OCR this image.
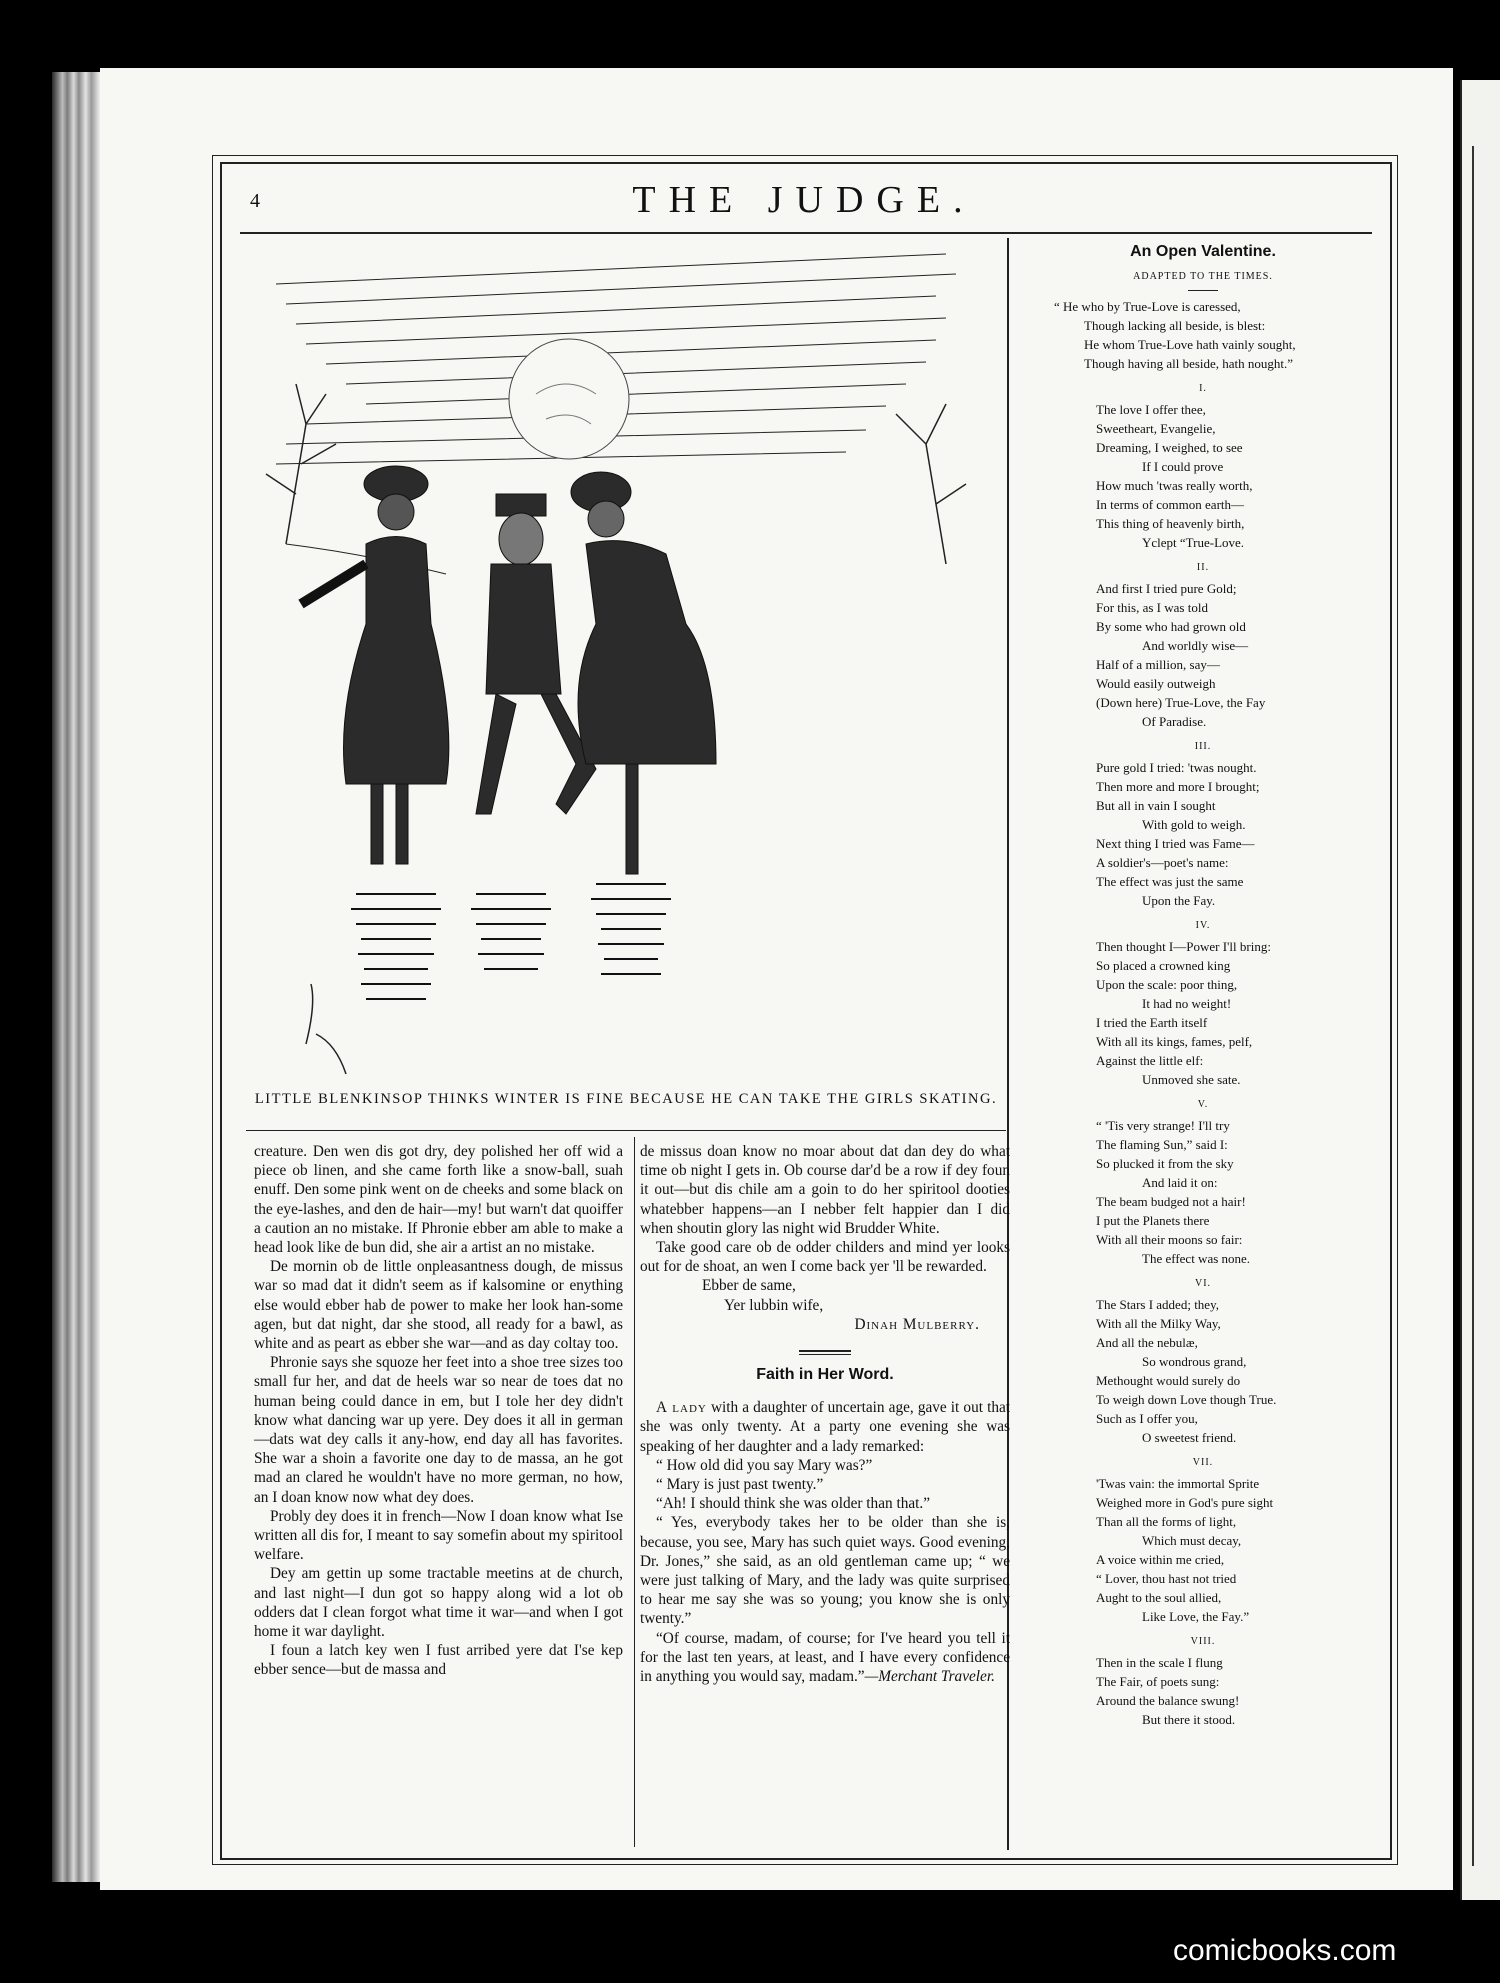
4	THE JUDGE.
LITTLE BLENKINSOP THINKS WINTER IS FINE BECAUSE HE CAN TAKE THE GIRLS SKATING.

creature. Den wen dis got dry, dey polished her off wid a piece ob linen, and she came forth like a snow-ball, suah enuff. Den some pink went on de cheeks and some black on the eye-lashes, and den de hair—my! but warn't dat quoiffer a caution an no mistake. If Phronie ebber am able to make a head look like de bun did, she air a artist an no mistake.

De mornin ob de little onpleasantness dough, de missus war so mad dat it didn't seem as if kalsomine or enything else would ebber hab de power to make her look han-some agen, but dat night, dar she stood, all ready for a bawl, as white and as peart as ebber she war—and as day coltay too.

Phronie says she squoze her feet into a shoe tree sizes too small fur her, and dat de heels war so near de toes dat no human being could dance in em, but I tole her dey didn't know what dancing war up yere. Dey does it all in german—dats wat dey calls it any-how, end day all has favorites. She war a shoin a favorite one day to de massa, an he got mad an clared he wouldn't have no more german, no how, an I doan know now what dey does.

Probly dey does it in french—Now I doan know what Ise written all dis for, I meant to say somefin about my spiritool welfare.

Dey am gettin up some tractable meetins at de church, and last night—I dun got so happy along wid a lot ob odders dat I clean forgot what time it war—and when I got home it war daylight.

I foun a latch key wen I fust arribed yere dat I'se kep ebber sence—but de massa and

de missus doan know no moar about dat dan dey do what time ob night I gets in. Ob course dar'd be a row if dey foun it out—but dis chile am a goin to do her spiritool dooties whatebber happens—an I nebber felt happier dan I did when shoutin glory las night wid Brudder White.

Take good care ob de odder childers and mind yer looks out for de shoat, an wen I come back yer 'll be rewarded.

Ebber de same,
Yer lubbin wife,
Dinah Mulberry.
Faith in Her Word.

A lady with a daughter of uncertain age, gave it out that she was only twenty. At a party one evening she was speaking of her daughter and a lady remarked:

“ How old did you say Mary was?”

“ Mary is just past twenty.”

“Ah! I should think she was older than that.”

“ Yes, everybody takes her to be older than she is, because, you see, Mary has such quiet ways. Good evening, Dr. Jones,” she said, as an old gentleman came up; “ we were just talking of Mary, and the lady was quite surprised to hear me say she was so young; you know she is only twenty.”

“Of course, madam, of course; for I've heard you tell it for the last ten years, at least, and I have every confidence in anything you would say, madam.”—Merchant Traveler.

An Open Valentine.
ADAPTED TO THE TIMES.
“ He who by True-Love is caressed,
Though lacking all beside, is blest:
He whom True-Love hath vainly sought,
Though having all beside, hath nought.”
I.
The love I offer thee,
Sweetheart, Evangelie,
Dreaming, I weighed, to see
If I could prove
How much 'twas really worth,
In terms of common earth—
This thing of heavenly birth,
Yclept “True-Love.
II.
And first I tried pure Gold;
For this, as I was told
By some who had grown old
And worldly wise—
Half of a million, say—
Would easily outweigh
(Down here) True-Love, the Fay
Of Paradise.
III.
Pure gold I tried: 'twas nought.
Then more and more I brought;
But all in vain I sought
With gold to weigh.
Next thing I tried was Fame—
A soldier's—poet's name:
The effect was just the same
Upon the Fay.
IV.
Then thought I—Power I'll bring:
So placed a crowned king
Upon the scale: poor thing,
It had no weight!
I tried the Earth itself
With all its kings, fames, pelf,
Against the little elf:
Unmoved she sate.
V.
“ 'Tis very strange! I'll try
The flaming Sun,” said I:
So plucked it from the sky
And laid it on:
The beam budged not a hair!
I put the Planets there
With all their moons so fair:
The effect was none.
VI.
The Stars I added; they,
With all the Milky Way,
And all the nebulæ,
So wondrous grand,
Methought would surely do
To weigh down Love though True.
Such as I offer you,
O sweetest friend.
VII.
'Twas vain: the immortal Sprite
Weighed more in God's pure sight
Than all the forms of light,
Which must decay,
A voice within me cried,
“ Lover, thou hast not tried
Aught to the soul allied,
Like Love, the Fay.”
VIII.
Then in the scale I flung
The Fair, of poets sung:
Around the balance swung!
But there it stood.
comicbooks.com
